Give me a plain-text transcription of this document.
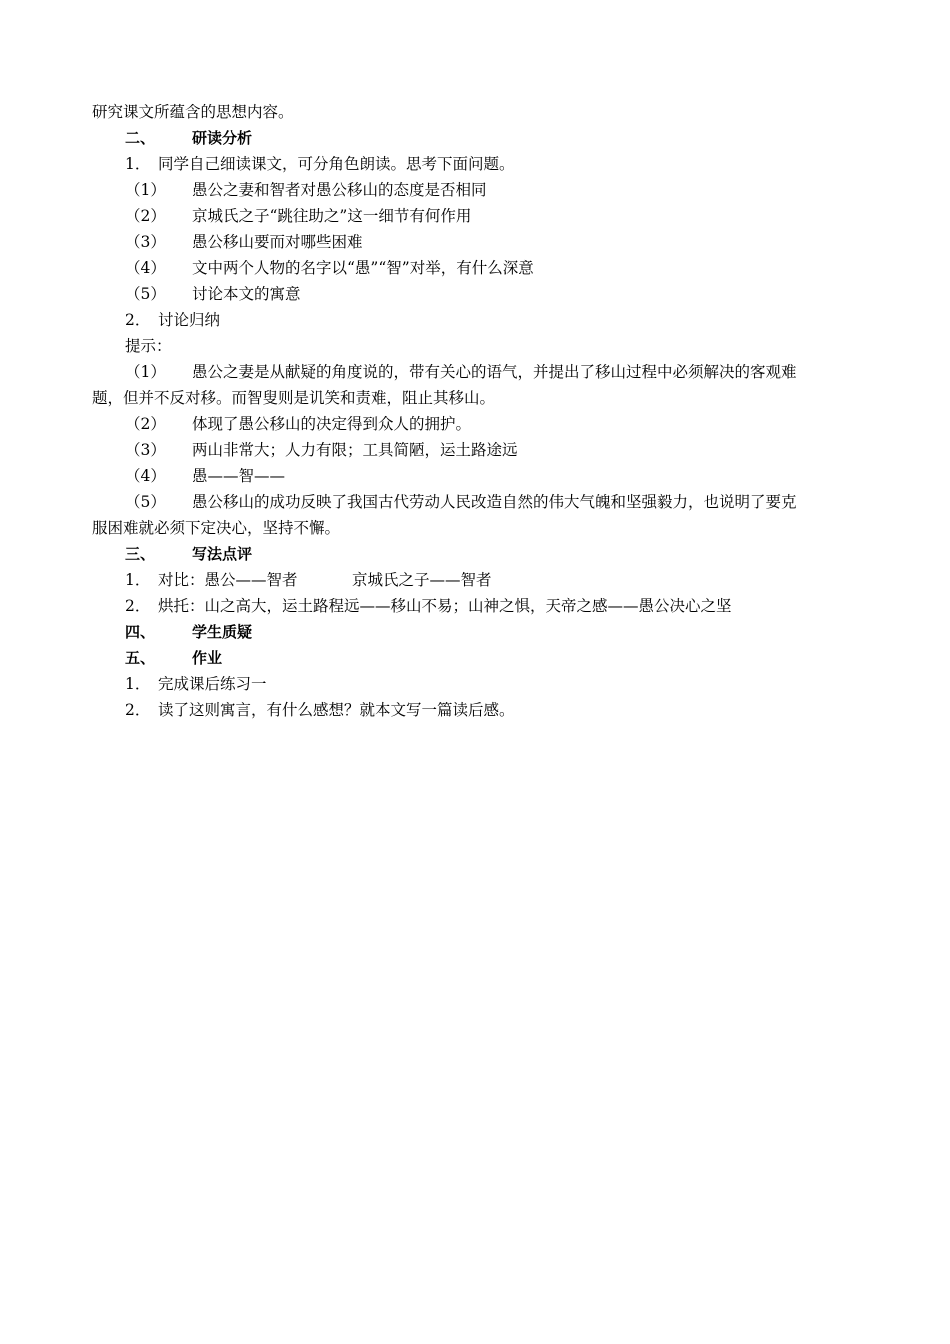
研究课文所蕴含的思想内容。
二、 研读分析
1． 同学自己细读课文，可分角色朗读。思考下面问题。
（1） 愚公之妻和智者对愚公移山的态度是否相同
（2） 京城氏之子“跳往助之”这一细节有何作用
（3） 愚公移山要而对哪些困难
（4） 文中两个人物的名字以“愚”“智”对举，有什么深意
（5） 讨论本文的寓意
2． 讨论归纳
提示：
（1） 愚公之妻是从献疑的角度说的，带有关心的语气，并提出了移山过程中必须解决的客观难
题，但并不反对移。而智叟则是讥笑和责难，阻止其移山。
（2） 体现了愚公移山的决定得到众人的拥护。
（3） 两山非常大；人力有限；工具简陋，运土路途远
（4） 愚——智——
（5） 愚公移山的成功反映了我国古代劳动人民改造自然的伟大气魄和坚强毅力，也说明了要克
服困难就必须下定决心，坚持不懈。
三、 写法点评
1． 对比：愚公——智者	京城氏之子——智者
2． 烘托：山之高大，运土路程远——移山不易；山神之惧，天帝之感——愚公决心之坚
四、 学生质疑
五、 作业
1． 完成课后练习一
2． 读了这则寓言，有什么感想？就本文写一篇读后感。
